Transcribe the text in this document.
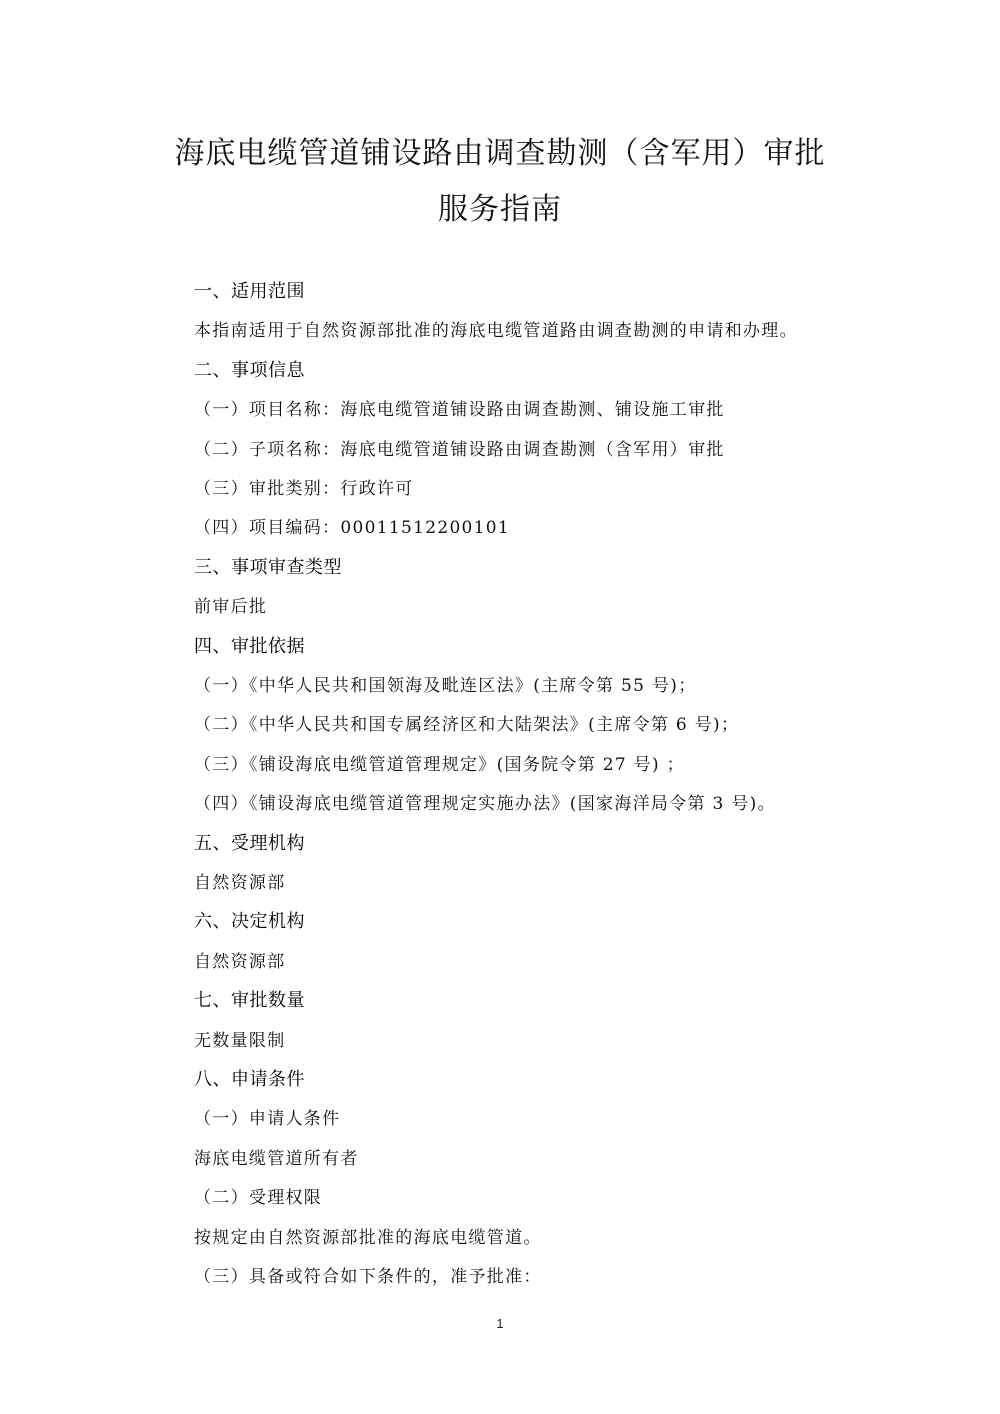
海底电缆管道铺设路由调查勘测（含军用）审批
服务指南
一、适用范围
本指南适用于自然资源部批准的海底电缆管道路由调查勘测的申请和办理。
二、事项信息
（一）项目名称：海底电缆管道铺设路由调查勘测、铺设施工审批
（二）子项名称：海底电缆管道铺设路由调查勘测（含军用）审批
（三）审批类别：行政许可
（四）项目编码：00011512200101
三、事项审查类型
前审后批
四、审批依据
（一）《中华人民共和国领海及毗连区法》(主席令第 55 号)；
（二）《中华人民共和国专属经济区和大陆架法》(主席令第 6 号)；
（三）《铺设海底电缆管道管理规定》(国务院令第 27 号) ；
（四）《铺设海底电缆管道管理规定实施办法》(国家海洋局令第 3 号)。
五、受理机构
自然资源部
六、决定机构
自然资源部
七、审批数量
无数量限制
八、申请条件
（一）申请人条件
海底电缆管道所有者
（二）受理权限
按规定由自然资源部批准的海底电缆管道。
（三）具备或符合如下条件的，准予批准：
1
